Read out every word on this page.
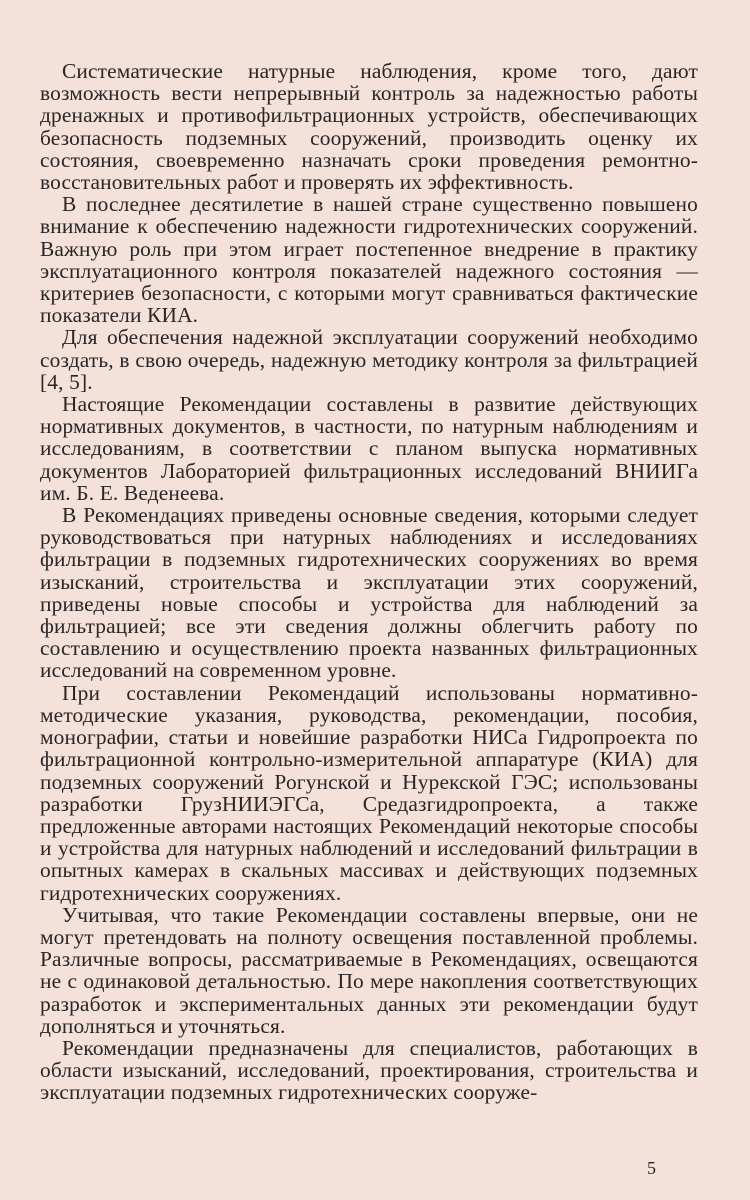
Систематические натурные наблюдения, кроме того, дают возможность вести непрерывный контроль за надежностью работы дренажных и противофильтрационных устройств, обеспечивающих безопасность подземных сооружений, производить оценку их состояния, своевременно назначать сроки проведения ремонтно-восстановительных работ и проверять их эффективность.

В последнее десятилетие в нашей стране существенно повышено внимание к обеспечению надежности гидротехнических сооружений. Важную роль при этом играет постепенное внедрение в практику эксплуатационного контроля показателей надежного состояния — критериев безопасности, с которыми могут сравниваться фактические показатели КИА.

Для обеспечения надежной эксплуатации сооружений необходимо создать, в свою очередь, надежную методику контроля за фильтрацией [4, 5].

Настоящие Рекомендации составлены в развитие действующих нормативных документов, в частности, по натурным наблюдениям и исследованиям, в соответствии с планом выпуска нормативных документов Лабораторией фильтрационных исследований ВНИИГа им. Б. Е. Веденеева.

В Рекомендациях приведены основные сведения, которыми следует руководствоваться при натурных наблюдениях и исследованиях фильтрации в подземных гидротехнических сооружениях во время изысканий, строительства и эксплуатации этих сооружений, приведены новые способы и устройства для наблюдений за фильтрацией; все эти сведения должны облегчить работу по составлению и осуществлению проекта названных фильтрационных исследований на современном уровне.

При составлении Рекомендаций использованы нормативно-методические указания, руководства, рекомендации, пособия, монографии, статьи и новейшие разработки НИСа Гидропроекта по фильтрационной контрольно-измерительной аппаратуре (КИА) для подземных сооружений Рогунской и Нурекской ГЭС; использованы разработки ГрузНИИЭГСа, Средазгидропроекта, а также предложенные авторами настоящих Рекомендаций некоторые способы и устройства для натурных наблюдений и исследований фильтрации в опытных камерах в скальных массивах и действующих подземных гидротехнических сооружениях.

Учитывая, что такие Рекомендации составлены впервые, они не могут претендовать на полноту освещения поставленной проблемы. Различные вопросы, рассматриваемые в Рекомендациях, освещаются не с одинаковой детальностью. По мере накопления соответствующих разработок и экспериментальных данных эти рекомендации будут дополняться и уточняться.

Рекомендации предназначены для специалистов, работающих в области изысканий, исследований, проектирования, строительства и эксплуатации подземных гидротехнических сооруже-

5
